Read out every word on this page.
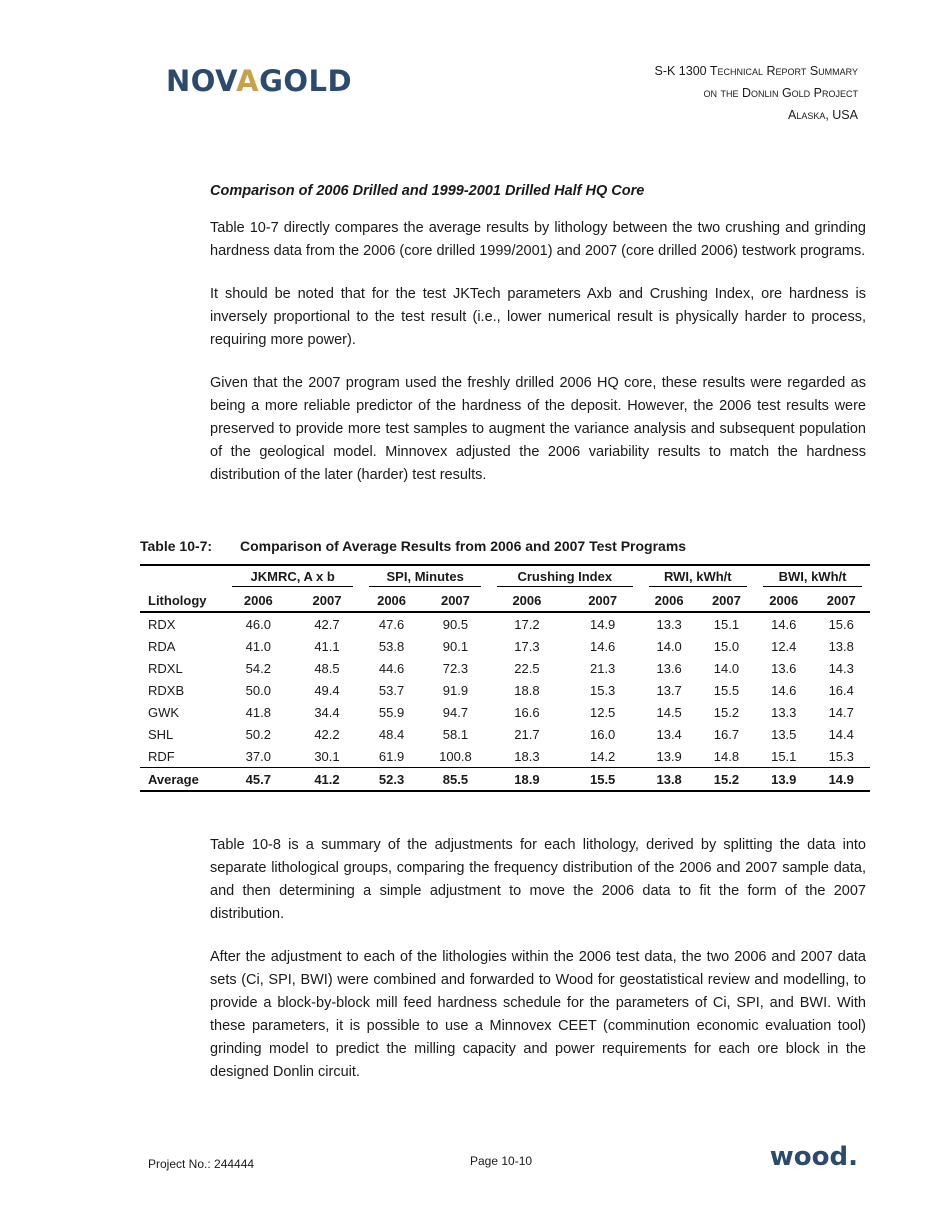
NOVAGOLD	S-K 1300 Technical Report Summary
on the Donlin Gold Project
Alaska, USA
Comparison of 2006 Drilled and 1999-2001 Drilled Half HQ Core

Table 10-7 directly compares the average results by lithology between the two crushing and grinding hardness data from the 2006 (core drilled 1999/2001) and 2007 (core drilled 2006) testwork programs.

It should be noted that for the test JKTech parameters Axb and Crushing Index, ore hardness is inversely proportional to the test result (i.e., lower numerical result is physically harder to process, requiring more power).

Given that the 2007 program used the freshly drilled 2006 HQ core, these results were regarded as being a more reliable predictor of the hardness of the deposit. However, the 2006 test results were preserved to provide more test samples to augment the variance analysis and subsequent population of the geological model. Minnovex adjusted the 2006 variability results to match the hardness distribution of the later (harder) test results.

Table 10-7: Comparison of Average Results from 2006 and 2007 Test Programs

	JKMRC, A x b		SPI, Minutes		Crushing Index		RWI, kWh/t		BWI, kWh/t	

Lithology	2006	2007	2006	2007	2006	2007	2006	2007	2006	2007
RDX	46.0	42.7	47.6	90.5	17.2	14.9	13.3	15.1	14.6	15.6
RDA	41.0	41.1	53.8	90.1	17.3	14.6	14.0	15.0	12.4	13.8
RDXL	54.2	48.5	44.6	72.3	22.5	21.3	13.6	14.0	13.6	14.3
RDXB	50.0	49.4	53.7	91.9	18.8	15.3	13.7	15.5	14.6	16.4
GWK	41.8	34.4	55.9	94.7	16.6	12.5	14.5	15.2	13.3	14.7
SHL	50.2	42.2	48.4	58.1	21.7	16.0	13.4	16.7	13.5	14.4
RDF	37.0	30.1	61.9	100.8	18.3	14.2	13.9	14.8	15.1	15.3
Average	45.7	41.2	52.3	85.5	18.9	15.5	13.8	15.2	13.9	14.9

Table 10-8 is a summary of the adjustments for each lithology, derived by splitting the data into separate lithological groups, comparing the frequency distribution of the 2006 and 2007 sample data, and then determining a simple adjustment to move the 2006 data to fit the form of the 2007 distribution.

After the adjustment to each of the lithologies within the 2006 test data, the two 2006 and 2007 data sets (Ci, SPI, BWI) were combined and forwarded to Wood for geostatistical review and modelling, to provide a block-by-block mill feed hardness schedule for the parameters of Ci, SPI, and BWI. With these parameters, it is possible to use a Minnovex CEET (comminution economic evaluation tool) grinding model to predict the milling capacity and power requirements for each ore block in the designed Donlin circuit.

Project No.: 244444	Page 10-10	wood.
